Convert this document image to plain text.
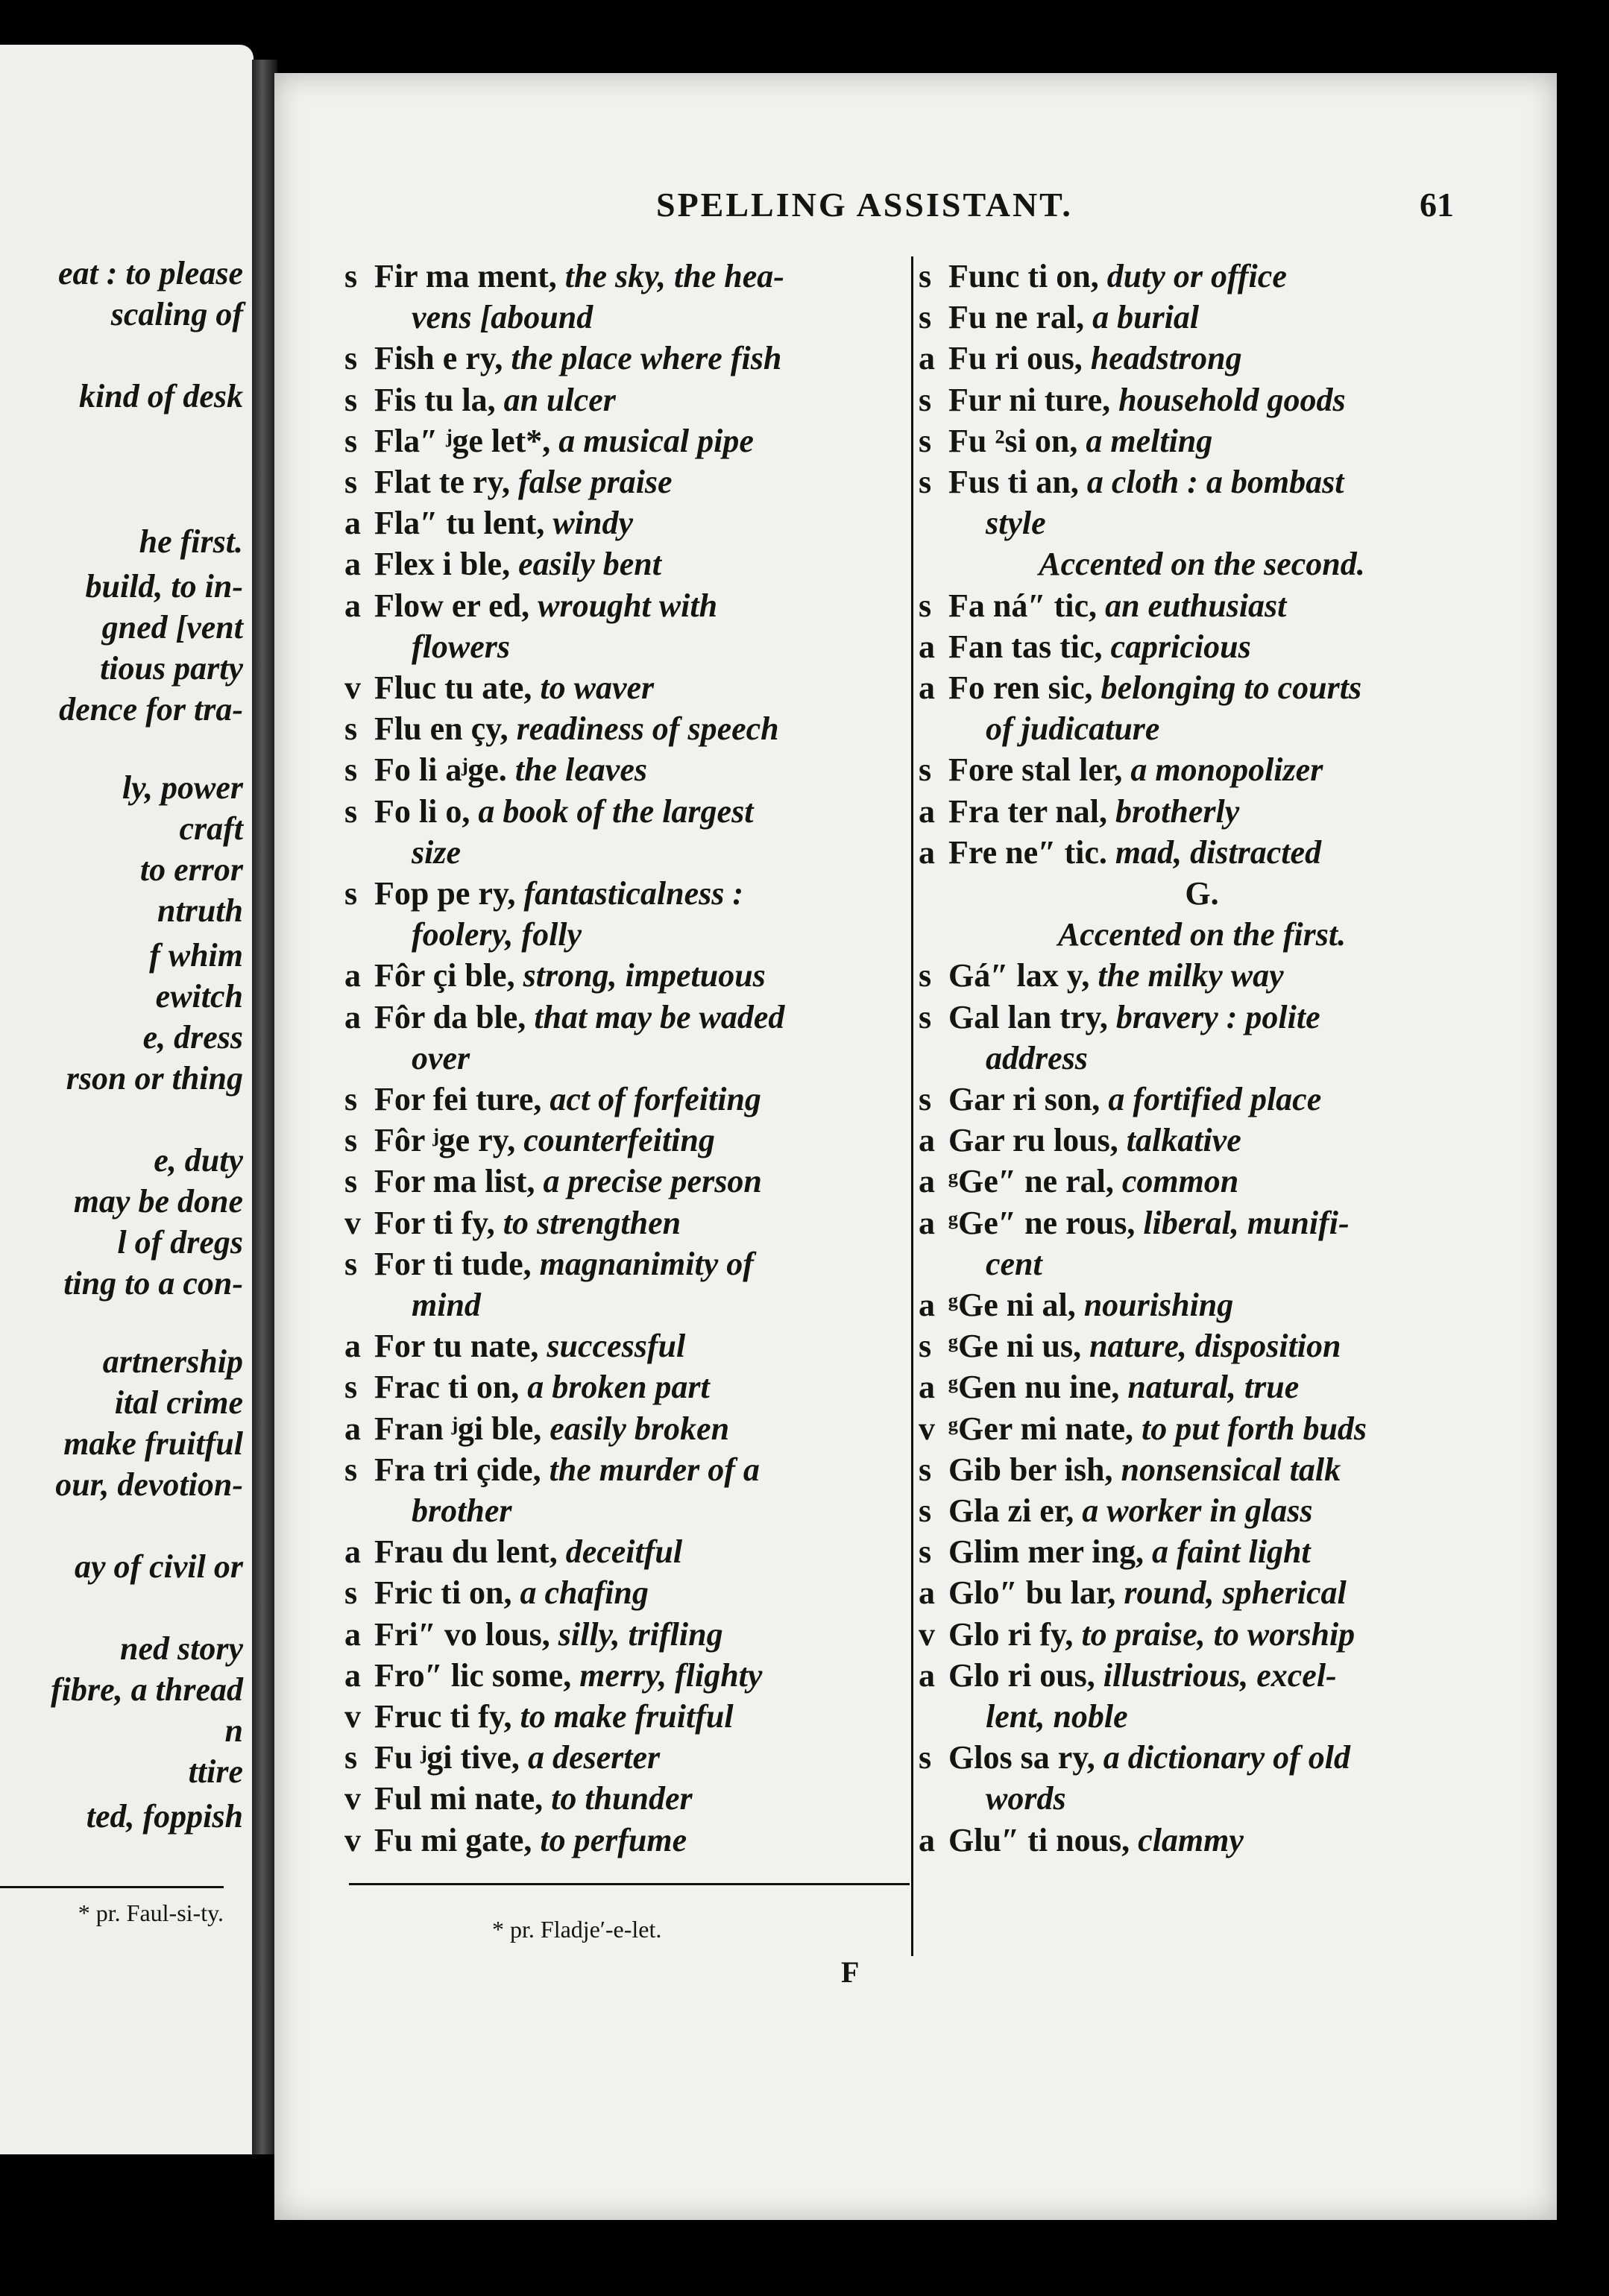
eat : to please
scaling of
kind of desk
he first.
build, to in-
gned [vent
tious party
dence for tra-
ly, power
craft
to error
ntruth
f whim
ewitch
e, dress
rson or thing
e, duty
may be done
l of dregs
ting to a con-
artnership
ital crime
make fruitful
our, devotion-
ay of civil or
ned story
fibre, a thread
n
ttire
ted, foppish
* pr. Faul-si-ty.
SPELLING ASSISTANT.	61
s Fir ma ment, the sky, the hea-
vens [abound
s Fish e ry, the place where fish
s Fis tu la, an ulcer
s Fla″ ʲge let*, a musical pipe
s Flat te ry, false praise
a Fla″ tu lent, windy
a Flex i ble, easily bent
a Flow er ed, wrought with
flowers
v Fluc tu ate, to waver
s Flu en çy, readiness of speech
s Fo li aʲge. the leaves
s Fo li o, a book of the largest
size
s Fop pe ry, fantasticalness :
foolery, folly
a Fôr çi ble, strong, impetuous
a Fôr da ble, that may be waded
over
s For fei ture, act of forfeiting
s Fôr ʲge ry, counterfeiting
s For ma list, a precise person
v For ti fy, to strengthen
s For ti tude, magnanimity of
mind
a For tu nate, successful
s Frac ti on, a broken part
a Fran ʲgi ble, easily broken
s Fra tri çide, the murder of a
brother
a Frau du lent, deceitful
s Fric ti on, a chafing
a Fri″ vo lous, silly, trifling
a Fro″ lic some, merry, flighty
v Fruc ti fy, to make fruitful
s Fu ʲgi tive, a deserter
v Ful mi nate, to thunder
v Fu mi gate, to perfume
s Func ti on, duty or office
s Fu ne ral, a burial
a Fu ri ous, headstrong
s Fur ni ture, household goods
s Fu ²si on, a melting
s Fus ti an, a cloth : a bombast
style
Accented on the second.
s Fa ná″ tic, an euthusiast
a Fan tas tic, capricious
a Fo ren sic, belonging to courts
of judicature
s Fore stal ler, a monopolizer
a Fra ter nal, brotherly
a Fre ne″ tic. mad, distracted
G.
Accented on the first.
s Gá″ lax y, the milky way
s Gal lan try, bravery : polite
address
s Gar ri son, a fortified place
a Gar ru lous, talkative
a ᵍGe″ ne ral, common
a ᵍGe″ ne rous, liberal, munifi-
cent
a ᵍGe ni al, nourishing
s ᵍGe ni us, nature, disposition
a ᵍGen nu ine, natural, true
v ᵍGer mi nate, to put forth buds
s Gib ber ish, nonsensical talk
s Gla zi er, a worker in glass
s Glim mer ing, a faint light
a Glo″ bu lar, round, spherical
v Glo ri fy, to praise, to worship
a Glo ri ous, illustrious, excel-
lent, noble
s Glos sa ry, a dictionary of old
words
a Glu″ ti nous, clammy
* pr. Fladje′-e-let.
F
